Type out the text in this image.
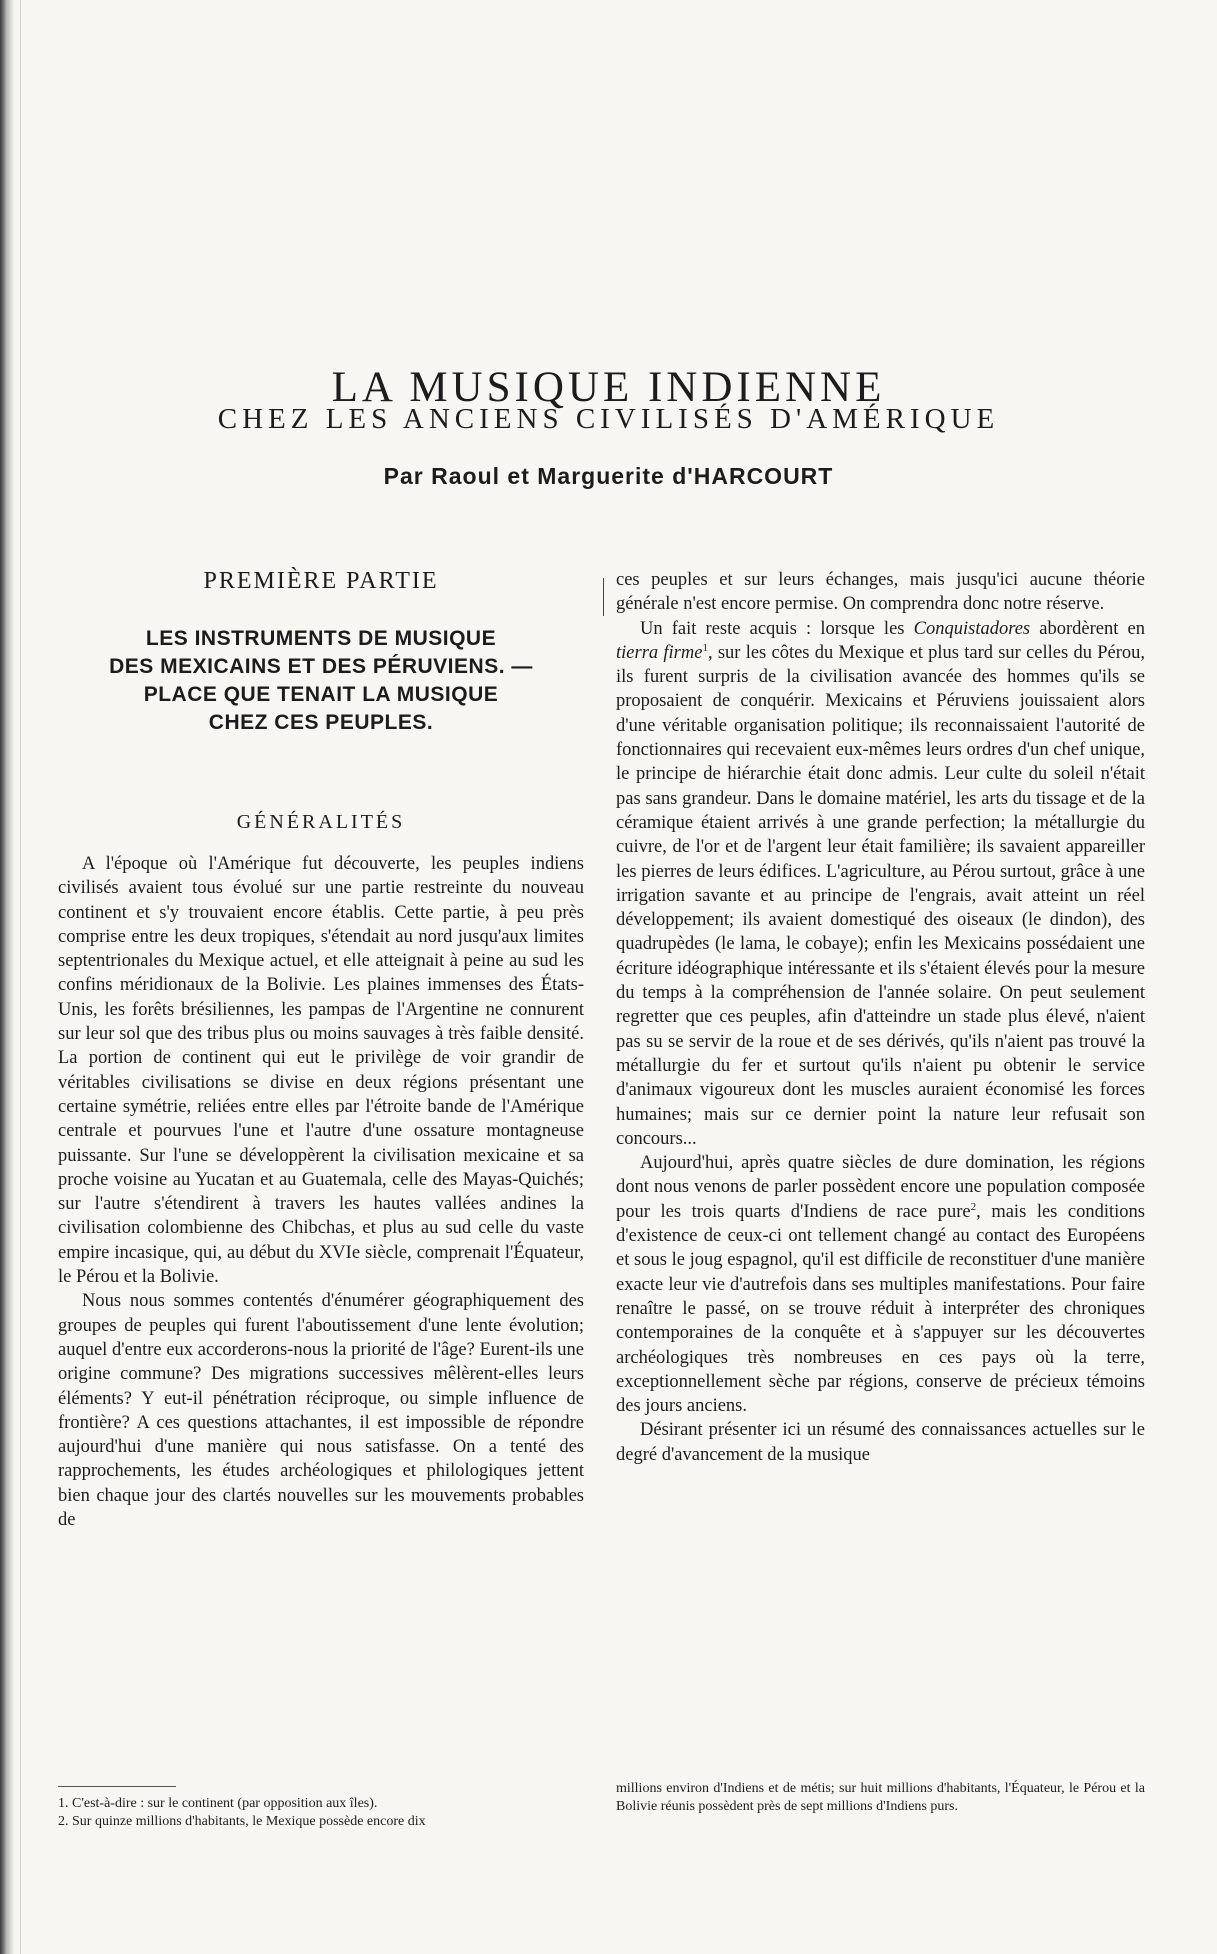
LA MUSIQUE INDIENNE
CHEZ LES ANCIENS CIVILISÉS D'AMÉRIQUE
Par Raoul et Marguerite d'HARCOURT
PREMIÈRE PARTIE
LES INSTRUMENTS DE MUSIQUE
DES MEXICAINS ET DES PÉRUVIENS. —
PLACE QUE TENAIT LA MUSIQUE
CHEZ CES PEUPLES.
GÉNÉRALITÉS

A l'époque où l'Amérique fut découverte, les peuples indiens civilisés avaient tous évolué sur une partie restreinte du nouveau continent et s'y trouvaient encore établis. Cette partie, à peu près comprise entre les deux tropiques, s'étendait au nord jusqu'aux limites septentrionales du Mexique actuel, et elle atteignait à peine au sud les confins méridionaux de la Bolivie. Les plaines immenses des États-Unis, les forêts brésiliennes, les pampas de l'Argentine ne connurent sur leur sol que des tribus plus ou moins sauvages à très faible densité. La portion de continent qui eut le privilège de voir grandir de véritables civilisations se divise en deux régions présentant une certaine symétrie, reliées entre elles par l'étroite bande de l'Amérique centrale et pourvues l'une et l'autre d'une ossature montagneuse puissante. Sur l'une se développèrent la civilisation mexicaine et sa proche voisine au Yucatan et au Guatemala, celle des Mayas-Quichés; sur l'autre s'étendirent à travers les hautes vallées andines la civilisation colombienne des Chibchas, et plus au sud celle du vaste empire incasique, qui, au début du XVIe siècle, comprenait l'Équateur, le Pérou et la Bolivie.

Nous nous sommes contentés d'énumérer géographiquement des groupes de peuples qui furent l'aboutissement d'une lente évolution; auquel d'entre eux accorderons-nous la priorité de l'âge? Eurent-ils une origine commune? Des migrations successives mêlèrent-elles leurs éléments? Y eut-il pénétration réciproque, ou simple influence de frontière? A ces questions attachantes, il est impossible de répondre aujourd'hui d'une manière qui nous satisfasse. On a tenté des rapprochements, les études archéologiques et philologiques jettent bien chaque jour des clartés nouvelles sur les mouvements probables de

ces peuples et sur leurs échanges, mais jusqu'ici aucune théorie générale n'est encore permise. On comprendra donc notre réserve.

Un fait reste acquis : lorsque les Conquistadores abordèrent en tierra firme$^1$, sur les côtes du Mexique et plus tard sur celles du Pérou, ils furent surpris de la civilisation avancée des hommes qu'ils se proposaient de conquérir. Mexicains et Péruviens jouissaient alors d'une véritable organisation politique; ils reconnaissaient l'autorité de fonctionnaires qui recevaient eux-mêmes leurs ordres d'un chef unique, le principe de hiérarchie était donc admis. Leur culte du soleil n'était pas sans grandeur. Dans le domaine matériel, les arts du tissage et de la céramique étaient arrivés à une grande perfection; la métallurgie du cuivre, de l'or et de l'argent leur était familière; ils savaient appareiller les pierres de leurs édifices. L'agriculture, au Pérou surtout, grâce à une irrigation savante et au principe de l'engrais, avait atteint un réel développement; ils avaient domestiqué des oiseaux (le dindon), des quadrupèdes (le lama, le cobaye); enfin les Mexicains possédaient une écriture idéographique intéressante et ils s'étaient élevés pour la mesure du temps à la compréhension de l'année solaire. On peut seulement regretter que ces peuples, afin d'atteindre un stade plus élevé, n'aient pas su se servir de la roue et de ses dérivés, qu'ils n'aient pas trouvé la métallurgie du fer et surtout qu'ils n'aient pu obtenir le service d'animaux vigoureux dont les muscles auraient économisé les forces humaines; mais sur ce dernier point la nature leur refusait son concours...

Aujourd'hui, après quatre siècles de dure domination, les régions dont nous venons de parler possèdent encore une population composée pour les trois quarts d'Indiens de race pure$^2$, mais les conditions d'existence de ceux-ci ont tellement changé au contact des Européens et sous le joug espagnol, qu'il est difficile de reconstituer d'une manière exacte leur vie d'autrefois dans ses multiples manifestations. Pour faire renaître le passé, on se trouve réduit à interpréter des chroniques contemporaines de la conquête et à s'appuyer sur les découvertes archéologiques très nombreuses en ces pays où la terre, exceptionnellement sèche par régions, conserve de précieux témoins des jours anciens.

Désirant présenter ici un résumé des connaissances actuelles sur le degré d'avancement de la musique

1. C'est-à-dire : sur le continent (par opposition aux îles).

2. Sur quinze millions d'habitants, le Mexique possède encore dix

millions environ d'Indiens et de métis; sur huit millions d'habitants, l'Équateur, le Pérou et la Bolivie réunis possèdent près de sept millions d'Indiens purs.
